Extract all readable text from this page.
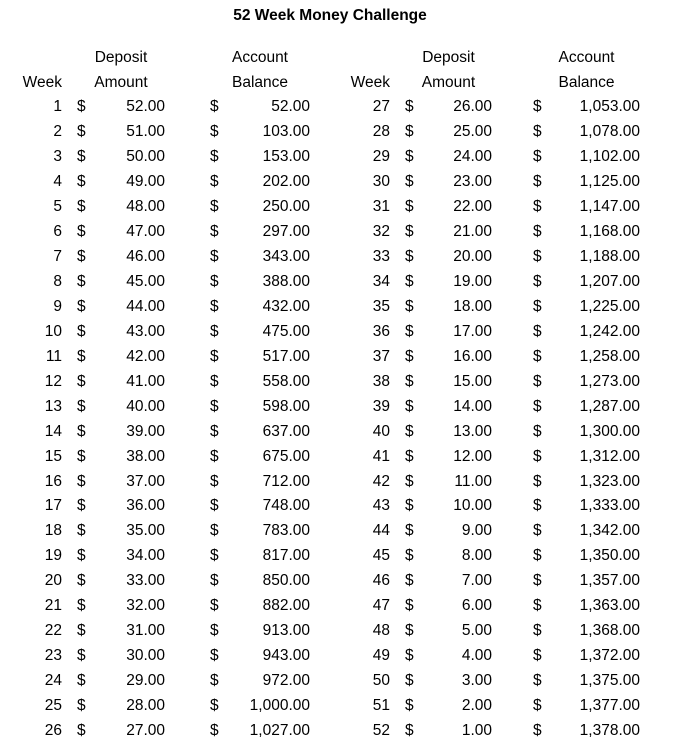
52 Week Money Challenge
Deposit	Account
Week	Amount	Balance
1 $	52.00	$	52.00
2 $	51.00	$	103.00
3 $	50.00	$	153.00
4 $	49.00	$	202.00
5 $	48.00	$	250.00
6 $	47.00	$	297.00
7 $	46.00	$	343.00
8 $	45.00	$	388.00
9 $	44.00	$	432.00
10 $	43.00	$	475.00
11 $	42.00	$	517.00
12 $	41.00	$	558.00
13 $	40.00	$	598.00
14 $	39.00	$	637.00
15 $	38.00	$	675.00
16 $	37.00	$	712.00
17 $	36.00	$	748.00
18 $	35.00	$	783.00
19 $	34.00	$	817.00
20 $	33.00	$	850.00
21 $	32.00	$	882.00
22 $	31.00	$	913.00
23 $	30.00	$	943.00
24 $	29.00	$	972.00
25 $	28.00	$ 1,000.00
26 $	27.00	$ 1,027.00
Deposit	Account
Week	Amount	Balance
27 $	26.00	$ 1,053.00
28 $	25.00	$ 1,078.00
29 $	24.00	$ 1,102.00
30 $	23.00	$ 1,125.00
31 $	22.00	$ 1,147.00
32 $	21.00	$ 1,168.00
33 $	20.00	$ 1,188.00
34 $	19.00	$ 1,207.00
35 $	18.00	$ 1,225.00
36 $	17.00	$ 1,242.00
37 $	16.00	$ 1,258.00
38 $	15.00	$ 1,273.00
39 $	14.00	$ 1,287.00
40 $	13.00	$ 1,300.00
41 $	12.00	$ 1,312.00
42 $	11.00	$ 1,323.00
43 $	10.00	$ 1,333.00
44 $	9.00	$ 1,342.00
45 $	8.00	$ 1,350.00
46 $	7.00	$ 1,357.00
47 $	6.00	$ 1,363.00
48 $	5.00	$ 1,368.00
49 $	4.00	$ 1,372.00
50 $	3.00	$ 1,375.00
51 $	2.00	$ 1,377.00
52 $	1.00	$ 1,378.00
